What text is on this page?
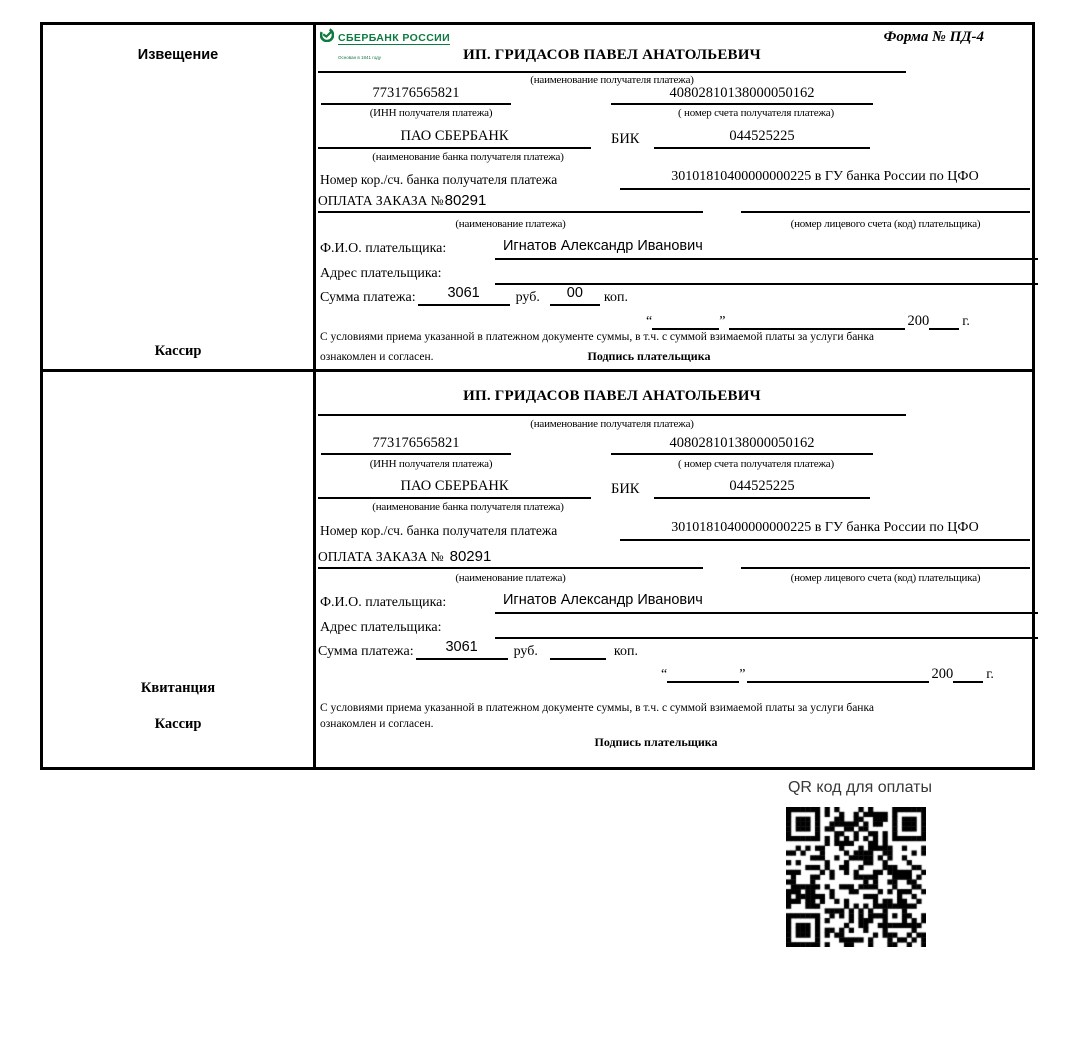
Извещение
Кассир
СБЕРБАНК РОССИИ
Основан в 1841 году
Форма № ПД-4
ИП. ГРИДАСОВ ПАВЕЛ АНАТОЛЬЕВИЧ
(наименование получателя платежа)
773176565821	40802810138000050162
(ИНН получателя платежа)	( номер счета получателя платежа)
ПАО СБЕРБАНК	БИК	044525225
(наименование банка получателя платежа)
Номер кор./сч. банка получателя платежа	30101810400000000225 в ГУ банка России по ЦФО
ОПЛАТА ЗАКАЗА №80291
(наименование платежа)	(номер лицевого счета (код) плательщика)
Ф.И.О. плательщика:	Игнатов Александр Иванович
Адрес плательщика:
Сумма платежа:	3061	руб.	00	коп.
“	”	200 г.
С условиями приема указанной в платежном документе суммы, в т.ч. с суммой взимаемой платы за услуги банка
ознакомлен и согласен.	Подпись плательщика
Квитанция
Кассир
ИП. ГРИДАСОВ ПАВЕЛ АНАТОЛЬЕВИЧ
(наименование получателя платежа)
773176565821	40802810138000050162
(ИНН получателя платежа)	( номер счета получателя платежа)
ПАО СБЕРБАНК	БИК	044525225
(наименование банка получателя платежа)
Номер кор./сч. банка получателя платежа	30101810400000000225 в ГУ банка России по ЦФО
ОПЛАТА ЗАКАЗА № 80291
(наименование платежа)	(номер лицевого счета (код) плательщика)
Ф.И.О. плательщика:	Игнатов Александр Иванович
Адрес плательщика:
Сумма платежа:	3061	руб.	коп.
“	”	200 г.
С условиями приема указанной в платежном документе суммы, в т.ч. с суммой взимаемой платы за услуги банка
ознакомлен и согласен.
Подпись плательщика
QR код для оплаты
